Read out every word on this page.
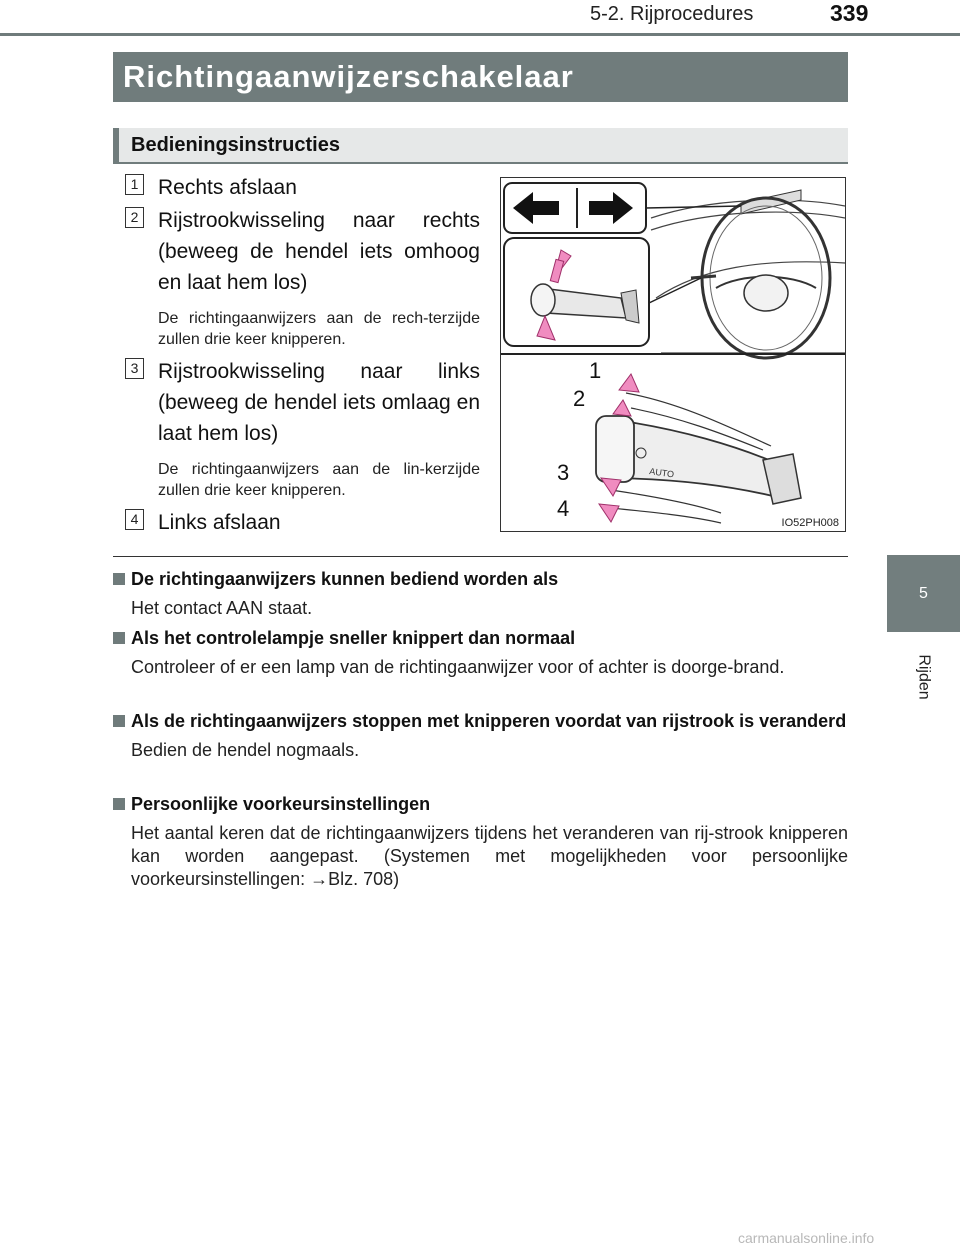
5-2. Rijprocedures	339
5
Rijden
Richtingaanwijzerschakelaar
Bedieningsinstructies
1 Rechts afslaan
2 Rijstrookwisseling naar rechts (beweeg de hendel iets omhoog en laat hem los)
De richtingaanwijzers aan de rech-terzijde zullen drie keer knipperen.
3 Rijstrookwisseling naar links (beweeg de hendel iets omlaag en laat hem los)
De richtingaanwijzers aan de lin-kerzijde zullen drie keer knipperen.
4 Links afslaan
AUTO
1
2
3
4
IO52PH008
De richtingaanwijzers kunnen bediend worden als
Het contact AAN staat.
Als het controlelampje sneller knippert dan normaal
Controleer of er een lamp van de richtingaanwijzer voor of achter is doorge-brand.
Als de richtingaanwijzers stoppen met knipperen voordat van rijstrook is veranderd
Bedien de hendel nogmaals.
Persoonlijke voorkeursinstellingen
Het aantal keren dat de richtingaanwijzers tijdens het veranderen van rij-strook knipperen kan worden aangepast. (Systemen met mogelijkheden voor persoonlijke voorkeursinstellingen: →Blz. 708)
carmanualsonline.info
